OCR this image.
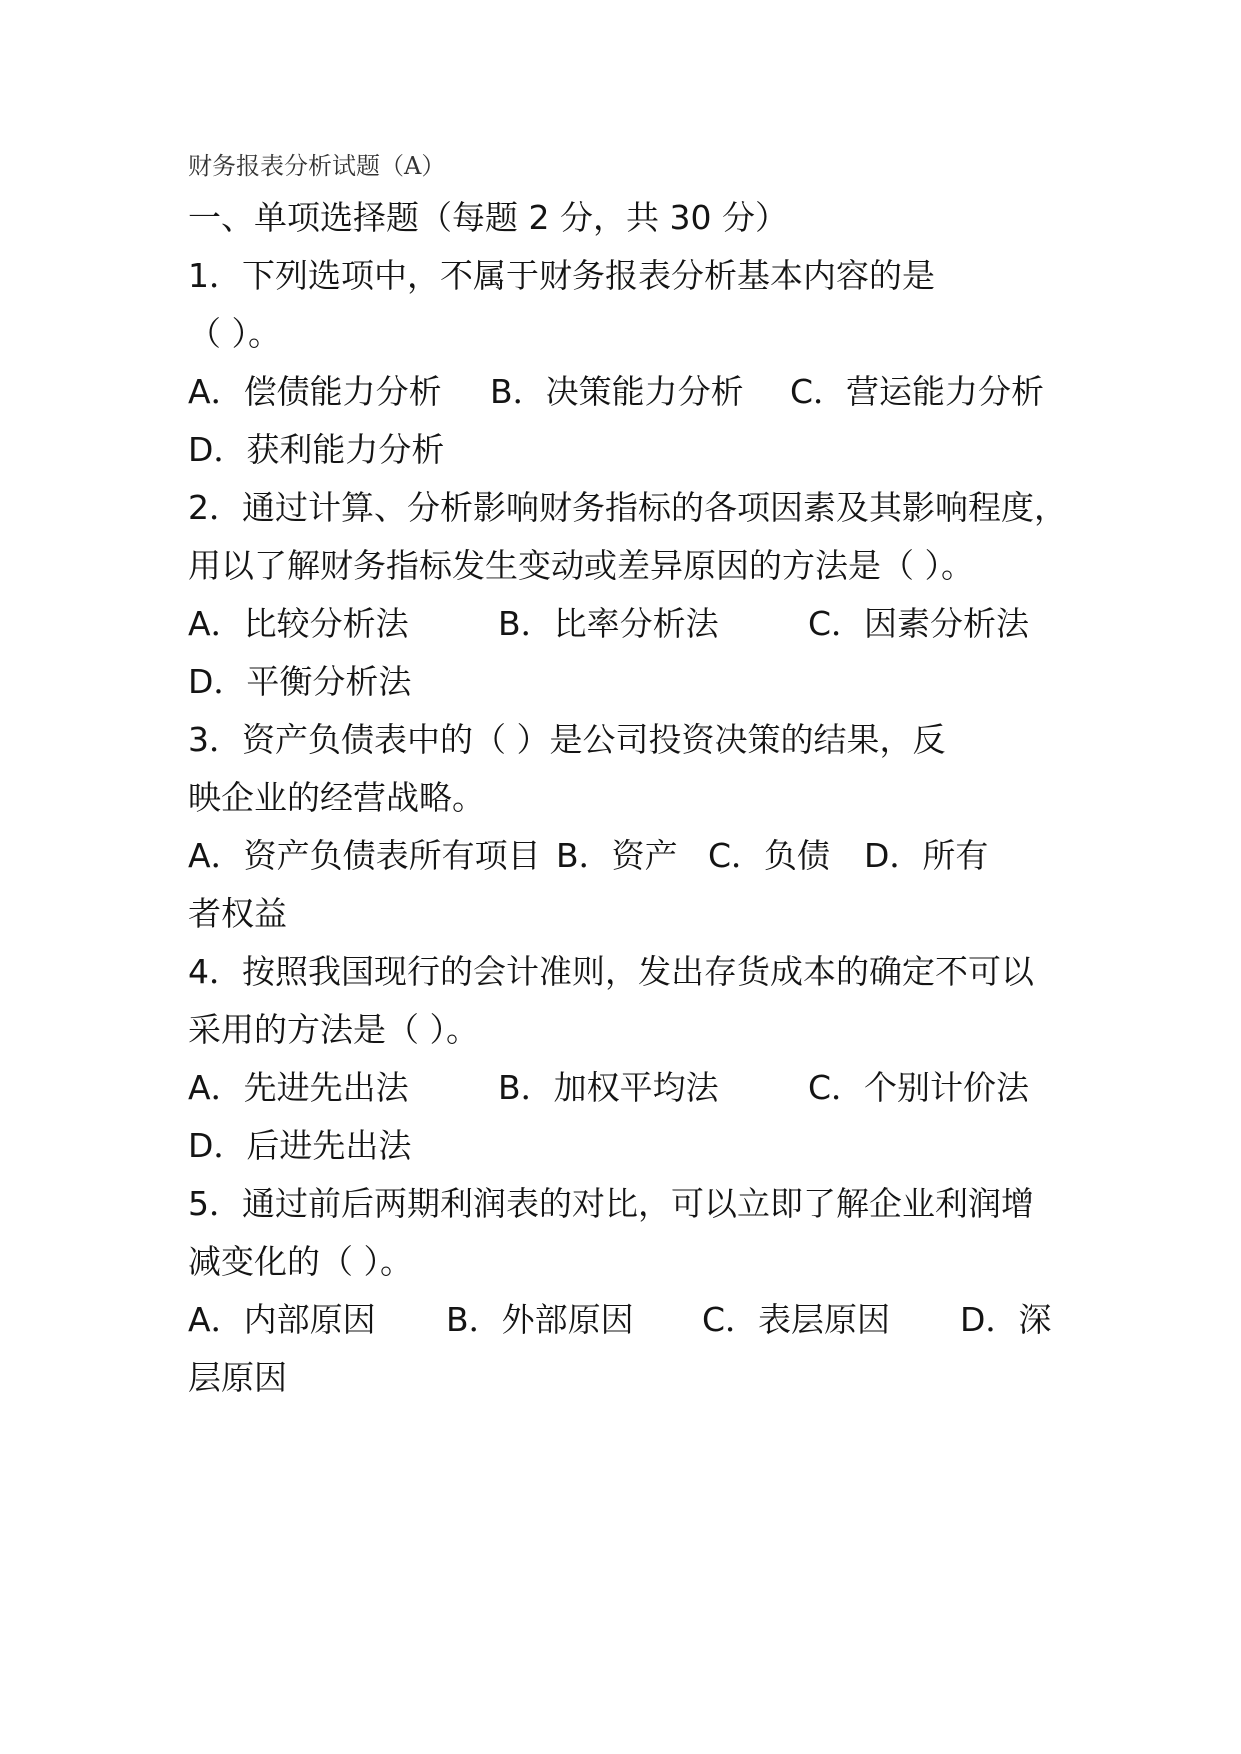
财务报表分析试题（A）
一、单项选择题（每题 2 分，共 30 分）
1．下列选项中，不属于财务报表分析基本内容的是
（ ）。
A．偿债能力分析 B．决策能力分析 C．营运能力分析
D．获利能力分析
2．通过计算、分析影响财务指标的各项因素及其影响程度，
用以了解财务指标发生变动或差异原因的方法是（ ）。
A．比较分析法	B．比率分析法	C．因素分析法
D．平衡分析法
3．资产负债表中的（ ）是公司投资决策的结果，反
映企业的经营战略。
A．资产负债表所有项目 B．资产 C．负债 D．所有
者权益
4．按照我国现行的会计准则，发出存货成本的确定不可以
采用的方法是（ ）。
A．先进先出法	B．加权平均法	C．个别计价法
D．后进先出法
5．通过前后两期利润表的对比，可以立即了解企业利润增
减变化的（ ）。
A．内部原因 B．外部原因 C．表层原因 D．深
层原因
